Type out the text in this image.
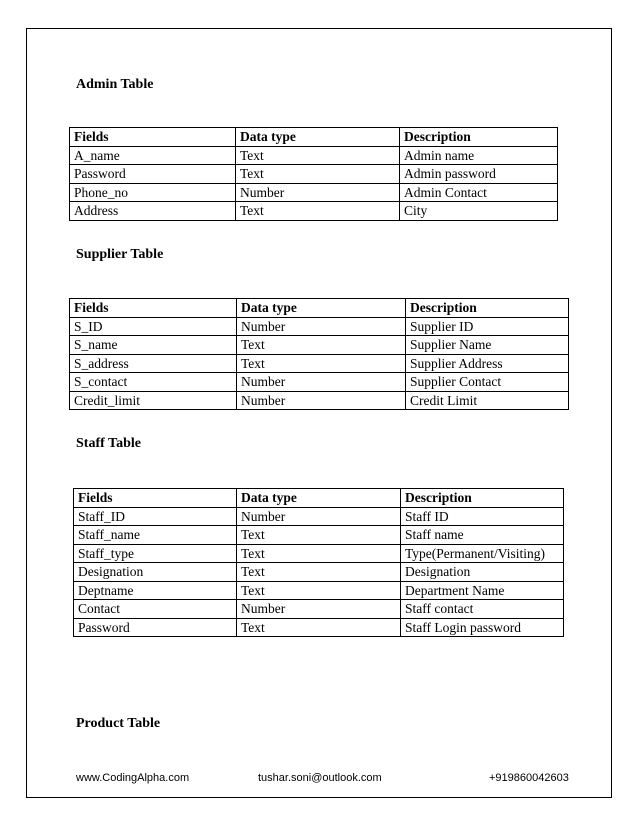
Admin Table
Fields	Data type	Description
A_name	Text	Admin name
Password	Text	Admin password
Phone_no	Number	Admin Contact
Address	Text	City
Supplier Table
Fields	Data type	Description
S_ID	Number	Supplier ID
S_name	Text	Supplier Name
S_address	Text	Supplier Address
S_contact	Number	Supplier Contact
Credit_limit	Number	Credit Limit
Staff Table
Fields	Data type	Description
Staff_ID	Number	Staff ID
Staff_name	Text	Staff name
Staff_type	Text	Type(Permanent/Visiting)
Designation	Text	Designation
Deptname	Text	Department Name
Contact	Number	Staff contact
Password	Text	Staff Login password
Product Table
www.CodingAlpha.com	tushar.soni@outlook.com	+919860042603
